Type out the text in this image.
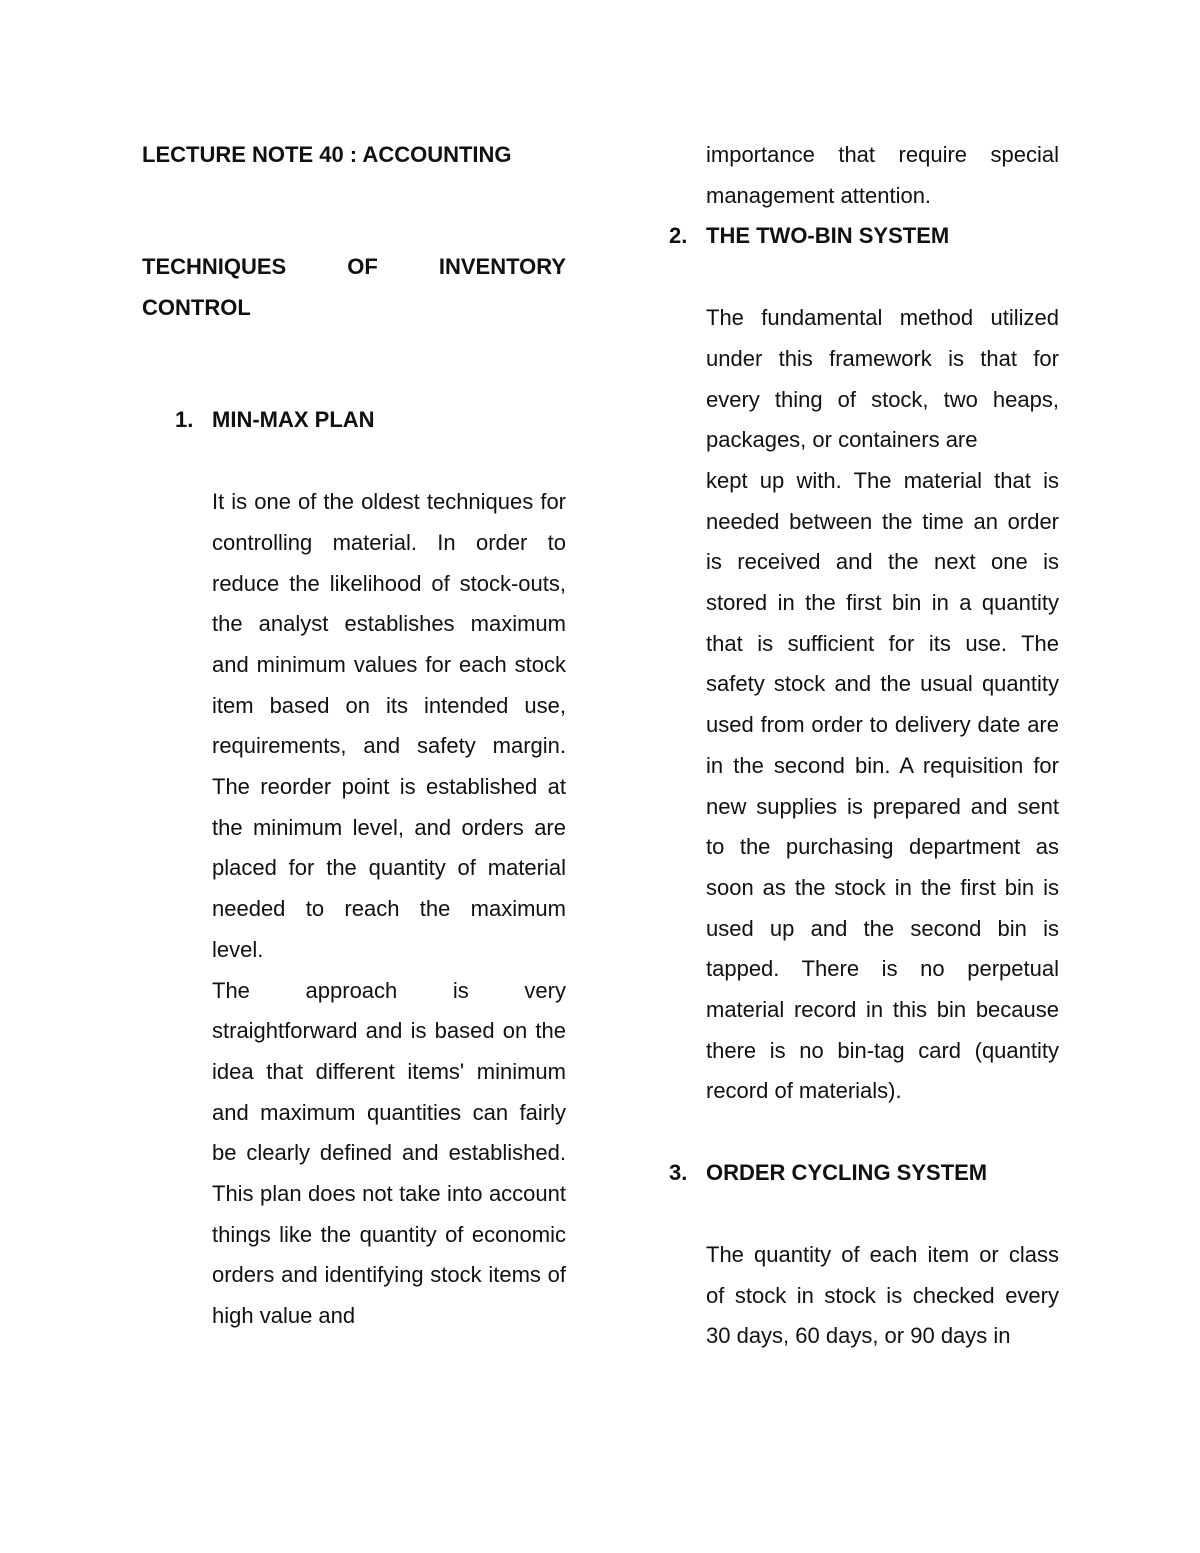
LECTURE NOTE 40 : ACCOUNTING

TECHNIQUES OF INVENTORY
CONTROL

1. MIN-MAX PLAN

It is one of the oldest techniques for controlling material. In order to reduce the likelihood of stock-outs, the analyst establishes maximum and minimum values for each stock item based on its intended use, requirements, and safety margin. The reorder point is established at the minimum level, and orders are placed for the quantity of material needed to reach the maximum level.

The approach is very straightforward and is based on the idea that different items' minimum and maximum quantities can fairly be clearly defined and established. This plan does not take into account things like the quantity of economic orders and identifying stock items of high value and

importance that require special management attention.

2. THE TWO-BIN SYSTEM

The fundamental method utilized under this framework is that for every thing of stock, two heaps, packages, or containers are

kept up with. The material that is needed between the time an order is received and the next one is stored in the first bin in a quantity that is sufficient for its use. The safety stock and the usual quantity used from order to delivery date are in the second bin. A requisition for new supplies is prepared and sent to the purchasing department as soon as the stock in the first bin is used up and the second bin is tapped. There is no perpetual material record in this bin because there is no bin-tag card (quantity record of materials).

3. ORDER CYCLING SYSTEM

The quantity of each item or class of stock in stock is checked every 30 days, 60 days, or 90 days in
